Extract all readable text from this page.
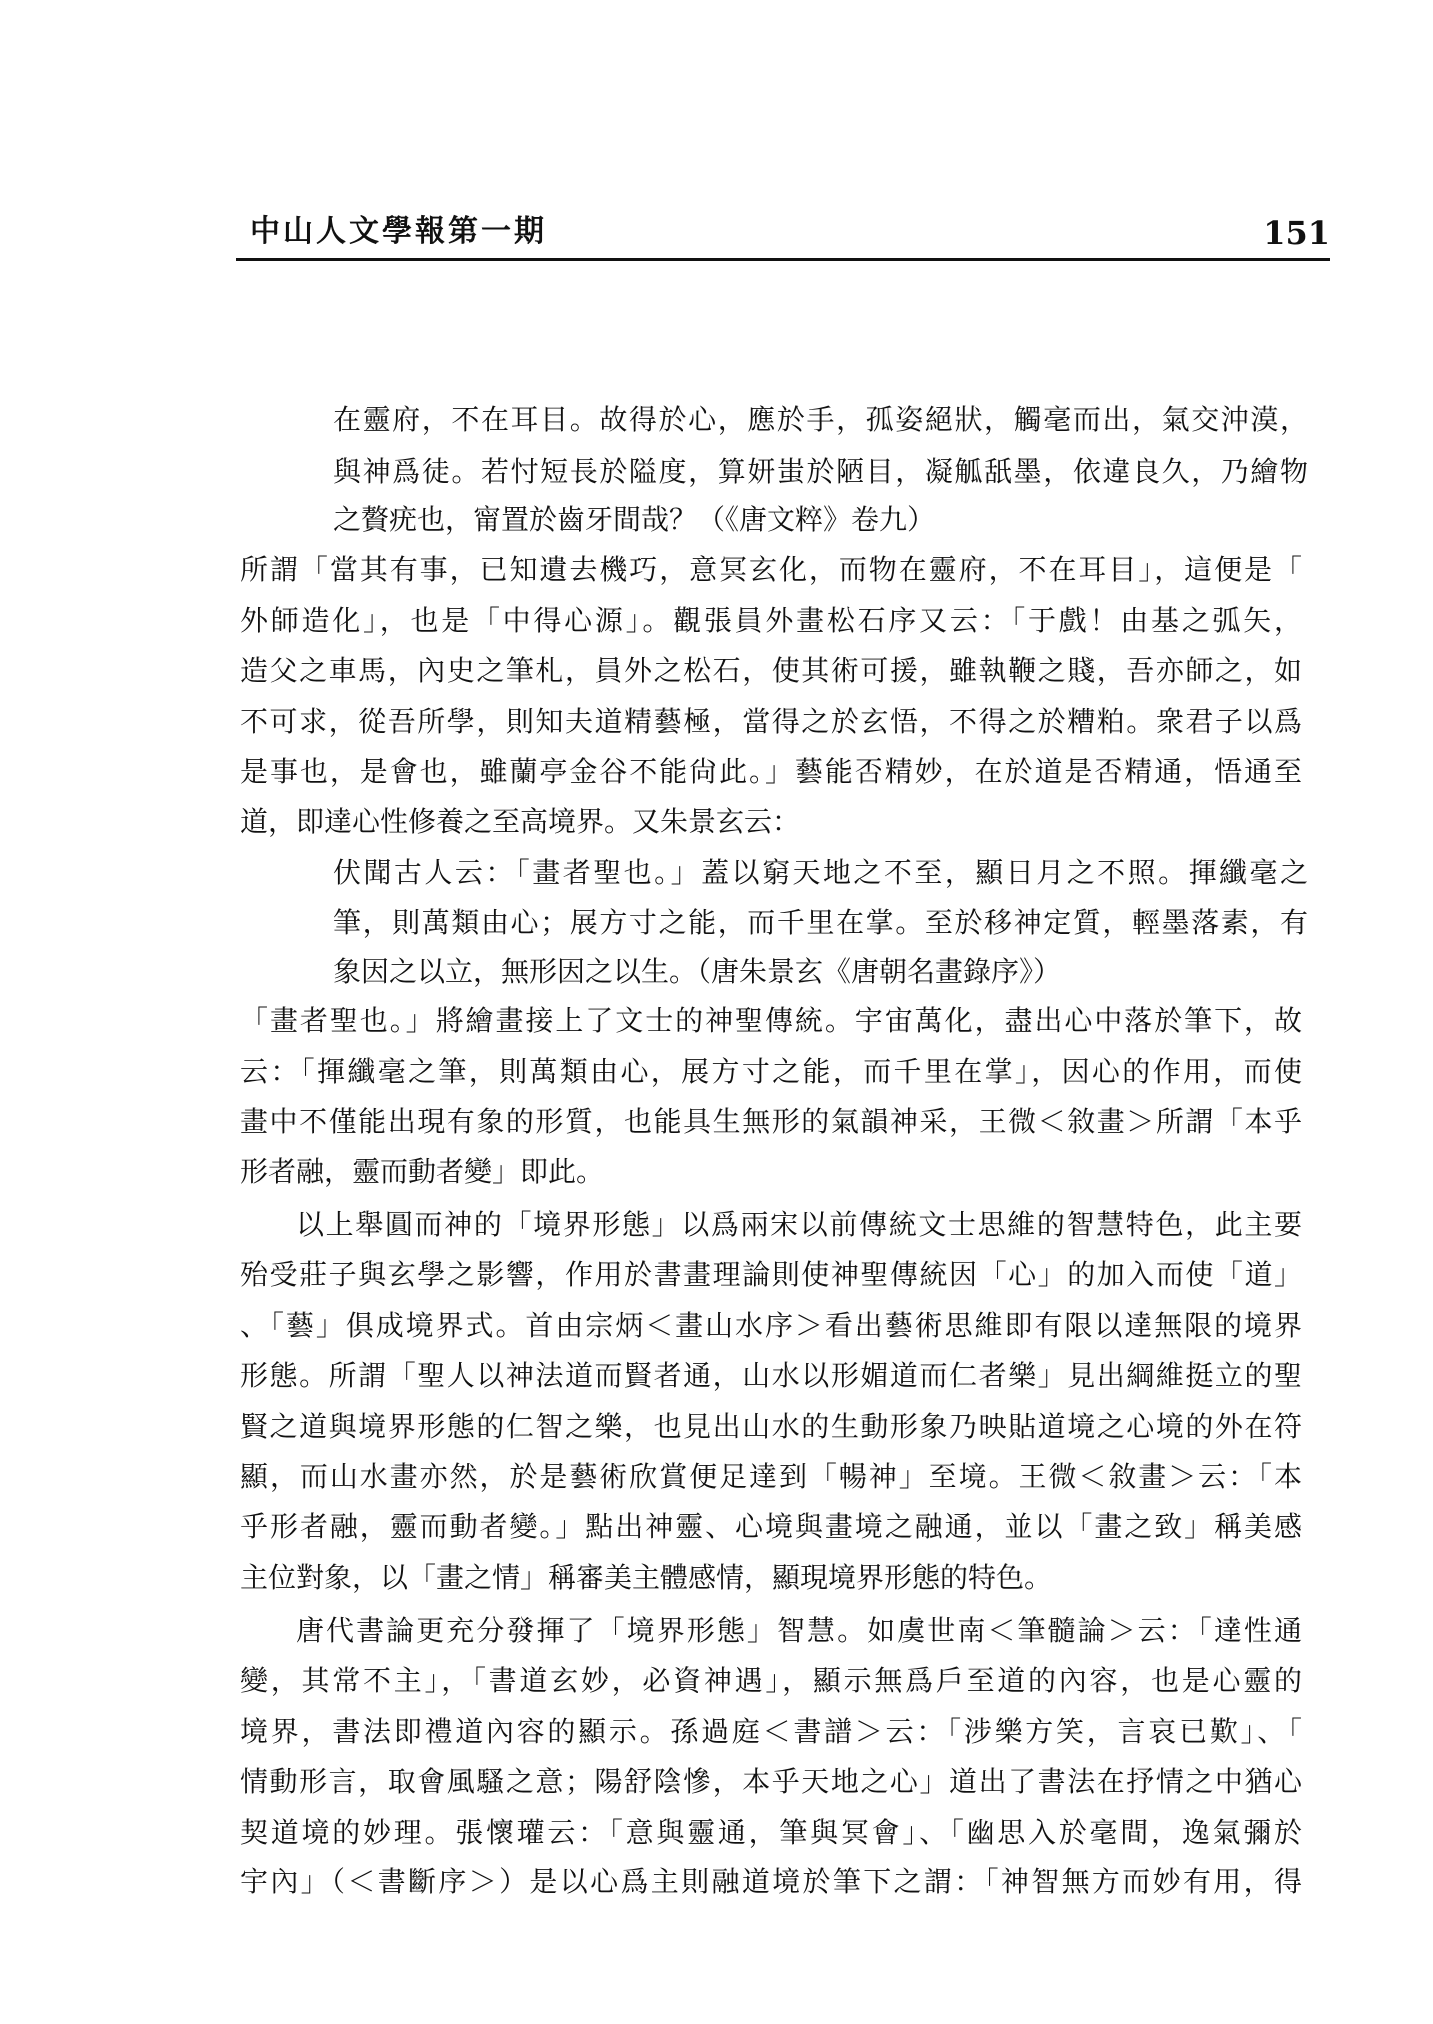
中山人文學報第一期	151
在靈府，不在耳目。故得於心，應於手，孤姿絕狀，觸毫而出，氣交沖漠，
與神爲徒。若忖短長於隘度，算妍蚩於陋目，凝觚舐墨，依違良久，乃繪物
之贅疣也，甯置於齒牙間哉？（《唐文粹》卷九）
所謂「當其有事，已知遺去機巧，意冥玄化，而物在靈府，不在耳目」，這便是「
外師造化」，也是「中得心源」。觀張員外畫松石序又云：「于戲！由基之弧矢，
造父之車馬，內史之筆札，員外之松石，使其術可援，雖執鞭之賤，吾亦師之，如
不可求，從吾所學，則知夫道精藝極，當得之於玄悟，不得之於糟粕。衆君子以爲
是事也，是會也，雖蘭亭金谷不能尙此。」藝能否精妙，在於道是否精通，悟通至
道，即達心性修養之至高境界。又朱景玄云：
伏聞古人云：「畫者聖也。」蓋以窮天地之不至，顯日月之不照。揮纖毫之
筆，則萬類由心；展方寸之能，而千里在掌。至於移神定質，輕墨落素，有
象因之以立，無形因之以生。（唐朱景玄《唐朝名畫錄序》）
「畫者聖也。」將繪畫接上了文士的神聖傳統。宇宙萬化，盡出心中落於筆下，故
云：「揮纖毫之筆，則萬類由心，展方寸之能，而千里在掌」，因心的作用，而使
畫中不僅能出現有象的形質，也能具生無形的氣韻神采，王微＜敘畫＞所謂「本乎
形者融，靈而動者變」即此。
以上舉圓而神的「境界形態」以爲兩宋以前傳統文士思維的智慧特色，此主要
殆受莊子與玄學之影響，作用於書畫理論則使神聖傳統因「心」的加入而使「道」
、「藝」俱成境界式。首由宗炳＜畫山水序＞看出藝術思維即有限以達無限的境界
形態。所謂「聖人以神法道而賢者通，山水以形媚道而仁者樂」見出綱維挺立的聖
賢之道與境界形態的仁智之樂，也見出山水的生動形象乃映貼道境之心境的外在符
顯，而山水畫亦然，於是藝術欣賞便足達到「暢神」至境。王微＜敘畫＞云：「本
乎形者融，靈而動者變。」點出神靈、心境與畫境之融通，並以「畫之致」稱美感
主位對象，以「畫之情」稱審美主體感情，顯現境界形態的特色。
唐代書論更充分發揮了「境界形態」智慧。如虞世南＜筆髓論＞云：「達性通
變，其常不主」，「書道玄妙，必資神遇」，顯示無爲戶至道的內容，也是心靈的
境界，書法即禮道內容的顯示。孫過庭＜書譜＞云：「涉樂方笑，言哀已歎」、「
情動形言，取會風騷之意；陽舒陰慘，本乎天地之心」道出了書法在抒情之中猶心
契道境的妙理。張懷瓘云：「意與靈通，筆與冥會」、「幽思入於毫間，逸氣彌於
宇內」（＜書斷序＞）是以心爲主則融道境於筆下之謂：「神智無方而妙有用，得
